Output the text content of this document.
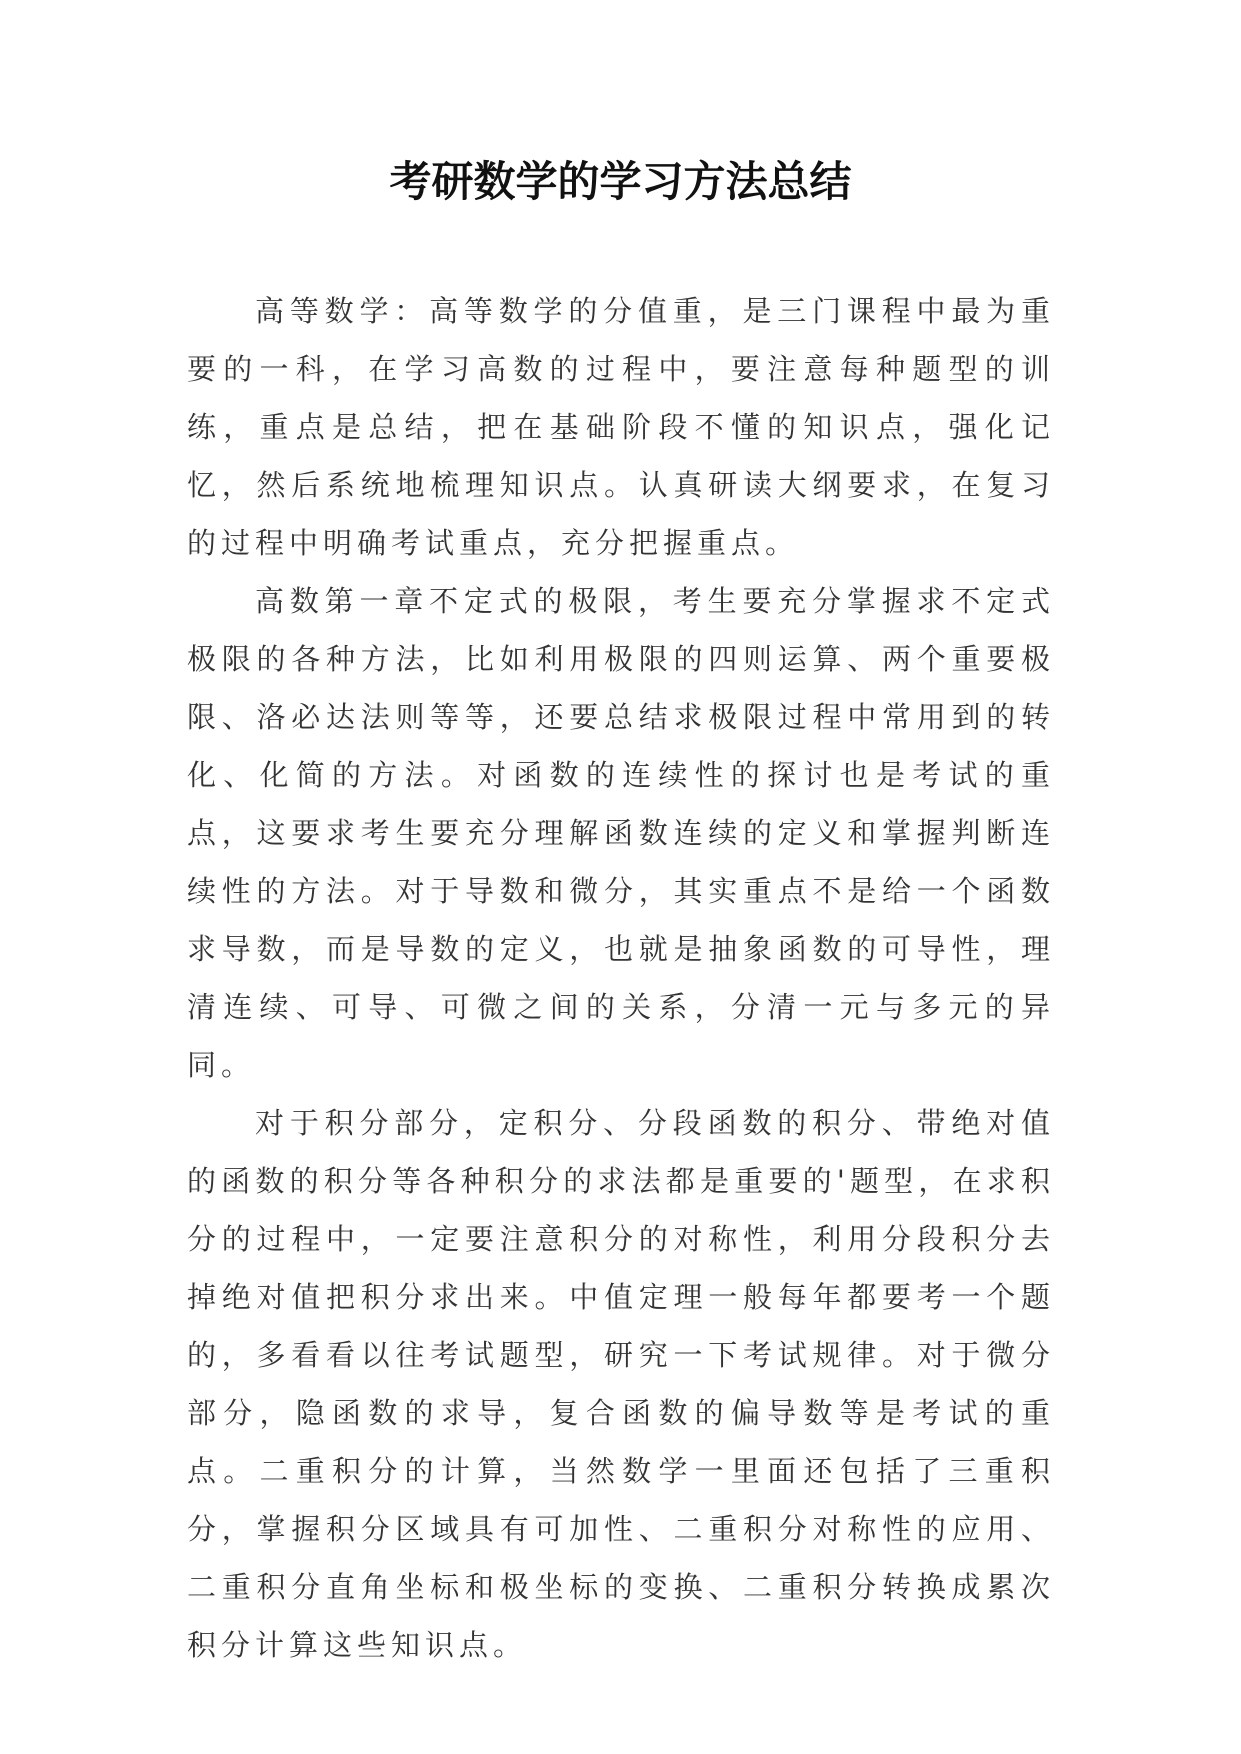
考研数学的学习方法总结

高等数学：高等数学的分值重，是三门课程中最为重要的一科，在学习高数的过程中，要注意每种题型的训练，重点是总结，把在基础阶段不懂的知识点，强化记忆，然后系统地梳理知识点。认真研读大纲要求，在复习的过程中明确考试重点，充分把握重点。

高数第一章不定式的极限，考生要充分掌握求不定式极限的各种方法，比如利用极限的四则运算、两个重要极限、洛必达法则等等，还要总结求极限过程中常用到的转化、化简的方法。对函数的连续性的探讨也是考试的重点，这要求考生要充分理解函数连续的定义和掌握判断连续性的方法。对于导数和微分，其实重点不是给一个函数求导数，而是导数的定义，也就是抽象函数的可导性，理清连续、可导、可微之间的关系，分清一元与多元的异同。

对于积分部分，定积分、分段函数的积分、带绝对值的函数的积分等各种积分的求法都是重要的'题型，在求积分的过程中，一定要注意积分的对称性，利用分段积分去掉绝对值把积分求出来。中值定理一般每年都要考一个题的，多看看以往考试题型，研究一下考试规律。对于微分部分，隐函数的求导，复合函数的偏导数等是考试的重点。二重积分的计算，当然数学一里面还包括了三重积分，掌握积分区域具有可加性、二重积分对称性的应用、二重积分直角坐标和极坐标的变换、二重积分转换成累次积分计算这些知识点。
